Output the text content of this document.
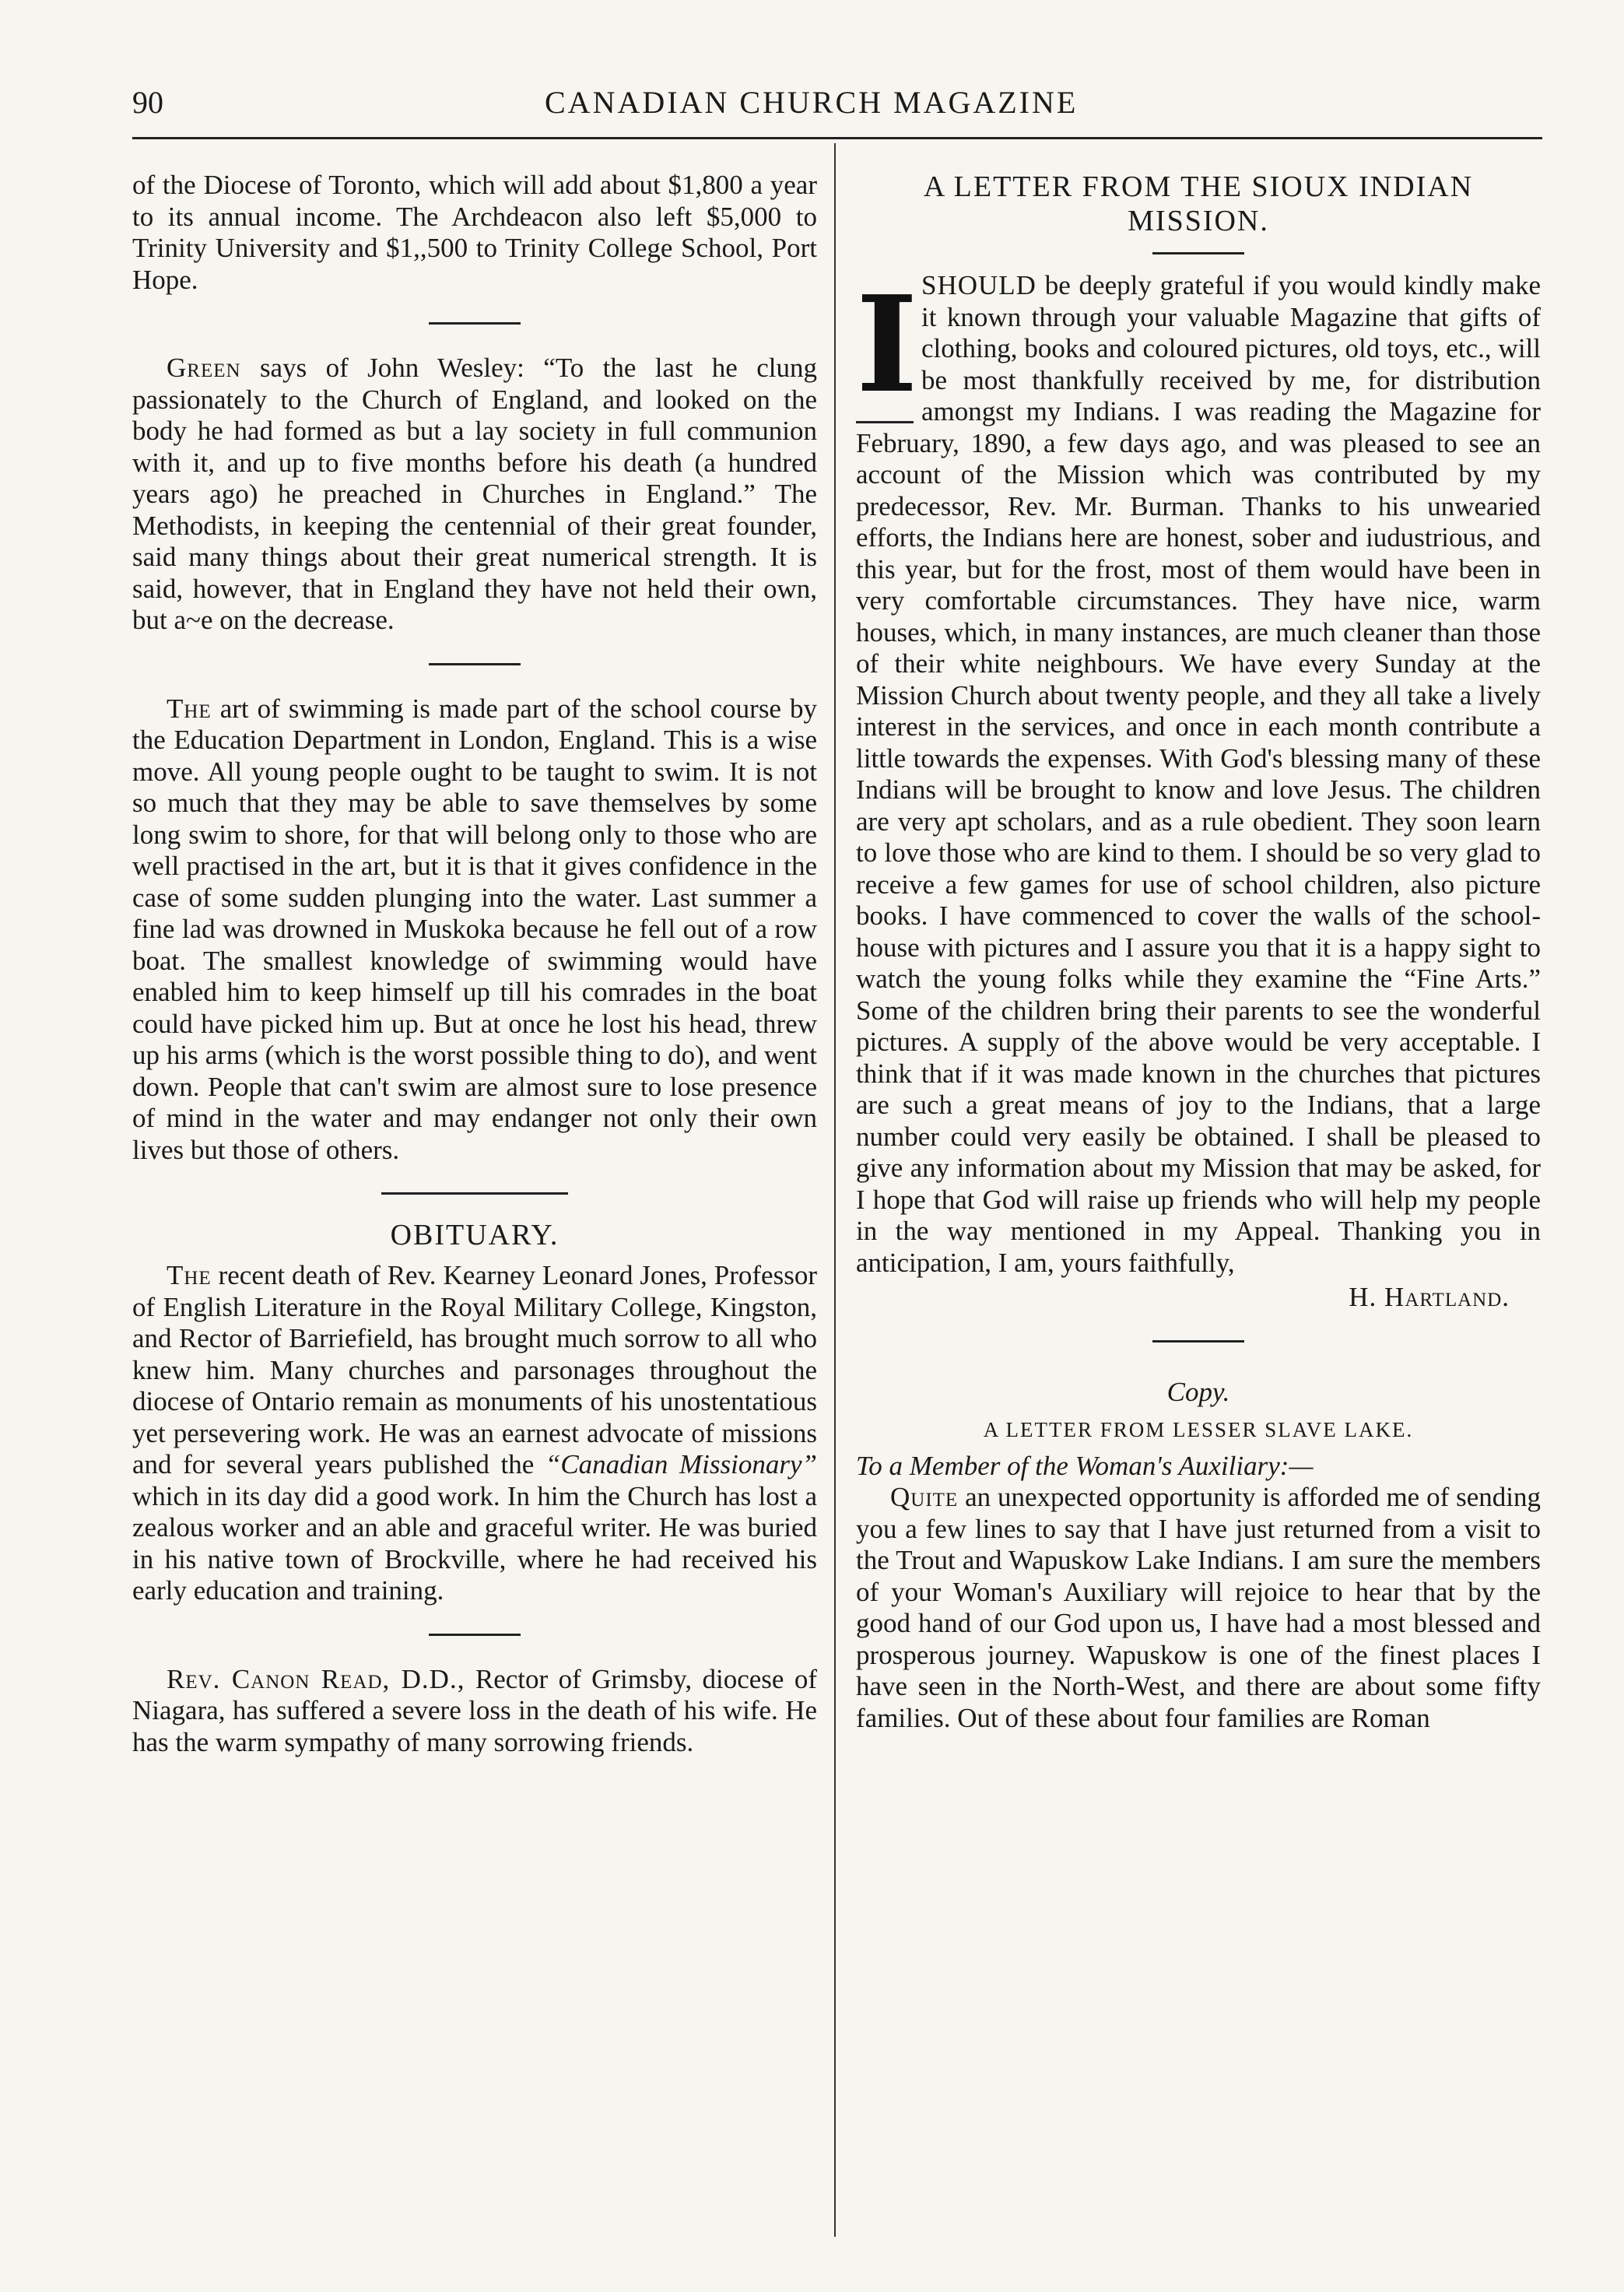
90	CANADIAN CHURCH MAGAZINE

of the Diocese of Toronto, which will add about $1,800 a year to its annual income. The Archdeacon also left $5,000 to Trinity University and $1,,500 to Trinity College School, Port Hope.

Green says of John Wesley: “To the last he clung passionately to the Church of England, and looked on the body he had formed as but a lay society in full communion with it, and up to five months before his death (a hundred years ago) he preached in Churches in England.” The Methodists, in keeping the centennial of their great founder, said many things about their great numerical strength. It is said, however, that in England they have not held their own, but a~e on the decrease.

The art of swimming is made part of the school course by the Education Department in London, England. This is a wise move. All young people ought to be taught to swim. It is not so much that they may be able to save themselves by some long swim to shore, for that will belong only to those who are well practised in the art, but it is that it gives confidence in the case of some sudden plunging into the water. Last summer a fine lad was drowned in Muskoka because he fell out of a row boat. The smallest knowledge of swimming would have enabled him to keep himself up till his comrades in the boat could have picked him up. But at once he lost his head, threw up his arms (which is the worst possible thing to do), and went down. People that can't swim are almost sure to lose presence of mind in the water and may endanger not only their own lives but those of others.

OBITUARY.

The recent death of Rev. Kearney Leonard Jones, Professor of English Literature in the Royal Military College, Kingston, and Rector of Barriefield, has brought much sorrow to all who knew him. Many churches and parsonages throughout the diocese of Ontario remain as monuments of his unostentatious yet persevering work. He was an earnest advocate of missions and for several years published the “Canadian Missionary” which in its day did a good work. In him the Church has lost a zealous worker and an able and graceful writer. He was buried in his native town of Brockville, where he had received his early education and training.

Rev. Canon Read, D.D., Rector of Grimsby, diocese of Niagara, has suffered a severe loss in the death of his wife. He has the warm sympathy of many sorrowing friends.

A LETTER FROM THE SIOUX INDIAN MISSION.
I SHOULD be deeply grateful if you would kindly make it known through your valuable Magazine that gifts of clothing, books and coloured pictures, old toys, etc., will be most thankfully received by me, for distribution amongst my Indians. I was reading the Magazine for February, 1890, a few days ago, and was pleased to see an account of the Mission which was contributed by my predecessor, Rev. Mr. Burman. Thanks to his unwearied efforts, the Indians here are honest, sober and iudustrious, and this year, but for the frost, most of them would have been in very comfortable circumstances. They have nice, warm houses, which, in many instances, are much cleaner than those of their white neighbours. We have every Sunday at the Mission Church about twenty people, and they all take a lively interest in the services, and once in each month contribute a little towards the expenses. With God's blessing many of these Indians will be brought to know and love Jesus. The children are very apt scholars, and as a rule obedient. They soon learn to love those who are kind to them. I should be so very glad to receive a few games for use of school children, also picture books. I have commenced to cover the walls of the school-house with pictures and I assure you that it is a happy sight to watch the young folks while they examine the “Fine Arts.” Some of the children bring their parents to see the wonderful pictures. A supply of the above would be very acceptable. I think that if it was made known in the churches that pictures are such a great means of joy to the Indians, that a large number could very easily be obtained. I shall be pleased to give any information about my Mission that may be asked, for I hope that God will raise up friends who will help my people in the way mentioned in my Appeal. Thanking you in anticipation, I am, yours faithfully,

H. Hartland.
Copy.
A LETTER FROM LESSER SLAVE LAKE.
To a Member of the Woman's Auxiliary:—

Quite an unexpected opportunity is afforded me of sending you a few lines to say that I have just returned from a visit to the Trout and Wapuskow Lake Indians. I am sure the members of your Woman's Auxiliary will rejoice to hear that by the good hand of our God upon us, I have had a most blessed and prosperous journey. Wapuskow is one of the finest places I have seen in the North-West, and there are about some fifty families. Out of these about four families are Roman
